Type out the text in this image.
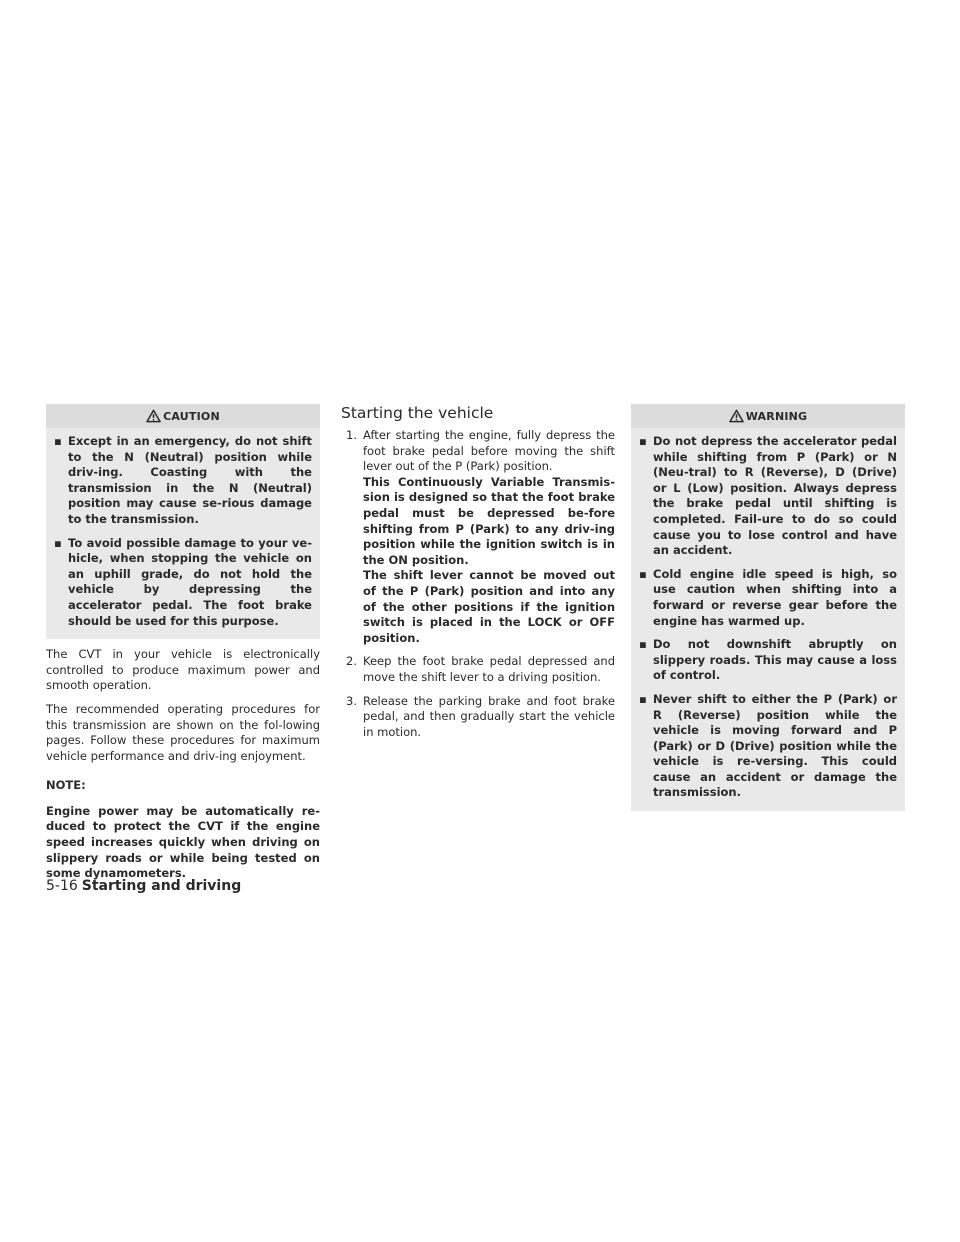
CAUTION
▪ Except in an emergency, do not shift to the N (Neutral) position while driv-ing. Coasting with the transmission in the N (Neutral) position may cause se-rious damage to the transmission.
▪ To avoid possible damage to your ve-hicle, when stopping the vehicle on an uphill grade, do not hold the vehicle by depressing the accelerator pedal. The foot brake should be used for this purpose.

The CVT in your vehicle is electronically controlled to produce maximum power and smooth operation.

The recommended operating procedures for this transmission are shown on the fol-lowing pages. Follow these procedures for maximum vehicle performance and driv-ing enjoyment.

NOTE:

Engine power may be automatically re-duced to protect the CVT if the engine speed increases quickly when driving on slippery roads or while being tested on some dynamometers.

Starting the vehicle
1. After starting the engine, fully depress the foot brake pedal before moving the shift lever out of the P (Park) position.
This Continuously Variable Transmis-sion is designed so that the foot brake pedal must be depressed be-fore shifting from P (Park) to any driv-ing position while the ignition switch is in the ON position.
The shift lever cannot be moved out of the P (Park) position and into any of the other positions if the ignition switch is placed in the LOCK or OFF position.
2. Keep the foot brake pedal depressed and move the shift lever to a driving position.
3. Release the parking brake and foot brake pedal, and then gradually start the vehicle in motion.
WARNING
▪ Do not depress the accelerator pedal while shifting from P (Park) or N (Neu-tral) to R (Reverse), D (Drive) or L (Low) position. Always depress the brake pedal until shifting is completed. Fail-ure to do so could cause you to lose control and have an accident.
▪ Cold engine idle speed is high, so use caution when shifting into a forward or reverse gear before the engine has warmed up.
▪ Do not downshift abruptly on slippery roads. This may cause a loss of control.
▪ Never shift to either the P (Park) or R (Reverse) position while the vehicle is moving forward and P (Park) or D (Drive) position while the vehicle is re-versing. This could cause an accident or damage the transmission.
5-16 Starting and driving
